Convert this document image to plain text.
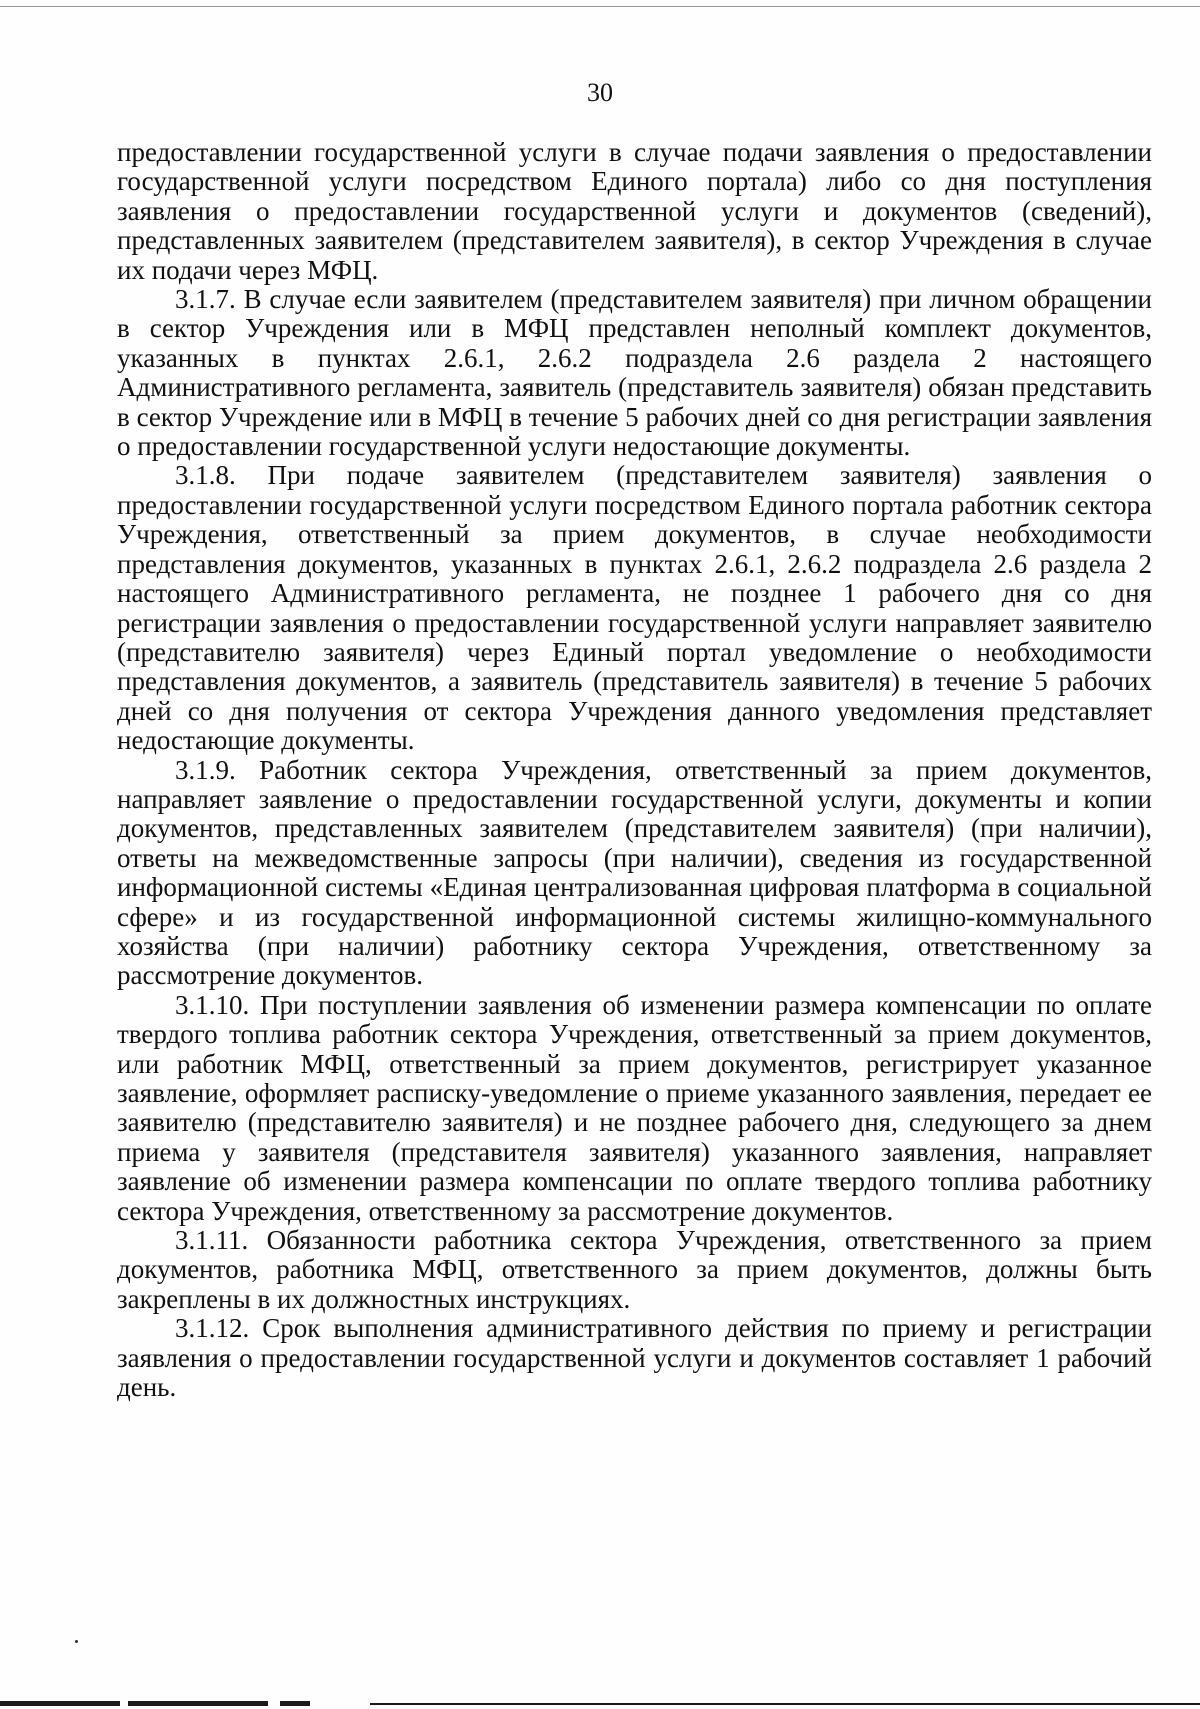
30

предоставлении государственной услуги в случае подачи заявления о предоставлении государственной услуги посредством Единого портала) либо со дня поступления заявления о предоставлении государственной услуги и документов (сведений), представленных заявителем (представителем заявителя), в сектор Учреждения в случае их подачи через МФЦ.

3.1.7. В случае если заявителем (представителем заявителя) при личном обращении в сектор Учреждения или в МФЦ представлен неполный комплект документов, указанных в пунктах 2.6.1, 2.6.2 подраздела 2.6 раздела 2 настоящего Административного регламента, заявитель (представитель заявителя) обязан представить в сектор Учреждение или в МФЦ в течение 5 рабочих дней со дня регистрации заявления о предоставлении государственной услуги недостающие документы.

3.1.8. При подаче заявителем (представителем заявителя) заявления о предоставлении государственной услуги посредством Единого портала работник сектора Учреждения, ответственный за прием документов, в случае необходимости представления документов, указанных в пунктах 2.6.1, 2.6.2 подраздела 2.6 раздела 2 настоящего Административного регламента, не позднее 1 рабочего дня со дня регистрации заявления о предоставлении государственной услуги направляет заявителю (представителю заявителя) через Единый портал уведомление о необходимости представления документов, а заявитель (представитель заявителя) в течение 5 рабочих дней со дня получения от сектора Учреждения данного уведомления представляет недостающие документы.

3.1.9. Работник сектора Учреждения, ответственный за прием документов, направляет заявление о предоставлении государственной услуги, документы и копии документов, представленных заявителем (представителем заявителя) (при наличии), ответы на межведомственные запросы (при наличии), сведения из государственной информационной системы «Единая централизованная цифровая платформа в социальной сфере» и из государственной информационной системы жилищно-коммунального хозяйства (при наличии) работнику сектора Учреждения, ответственному за рассмотрение документов.

3.1.10. При поступлении заявления об изменении размера компенсации по оплате твердого топлива работник сектора Учреждения, ответственный за прием документов, или работник МФЦ, ответственный за прием документов, регистрирует указанное заявление, оформляет расписку-уведомление о приеме указанного заявления, передает ее заявителю (представителю заявителя) и не позднее рабочего дня, следующего за днем приема у заявителя (представителя заявителя) указанного заявления, направляет заявление об изменении размера компенсации по оплате твердого топлива работнику сектора Учреждения, ответственному за рассмотрение документов.

3.1.11. Обязанности работника сектора Учреждения, ответственного за прием документов, работника МФЦ, ответственного за прием документов, должны быть закреплены в их должностных инструкциях.

3.1.12. Срок выполнения административного действия по приему и регистрации заявления о предоставлении государственной услуги и документов составляет 1 рабочий день.
